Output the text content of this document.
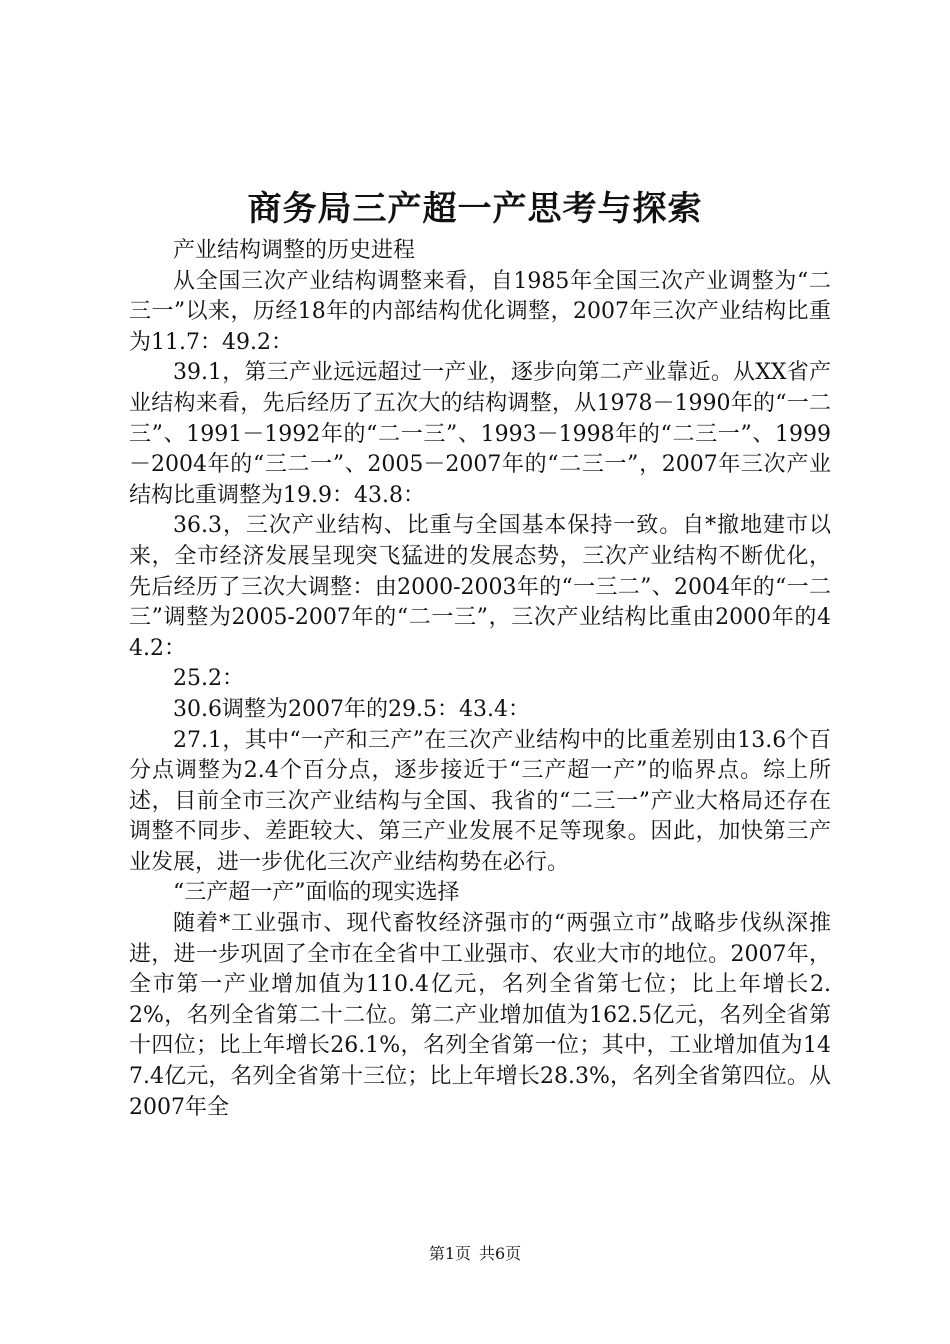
商务局三产超一产思考与探索

产业结构调整的历史进程

从全国三次产业结构调整来看，自1985年全国三次产业调整为“二三一”以来，历经18年的内部结构优化调整，2007年三次产业结构比重为11.7：49.2：

39.1，第三产业远远超过一产业，逐步向第二产业靠近。从XX省产业结构来看，先后经历了五次大的结构调整，从1978－1990年的“一二三”、1991－1992年的“二一三”、1993－1998年的“二三一”、1999－2004年的“三二一”、2005－2007年的“二三一”，2007年三次产业结构比重调整为19.9：43.8：

36.3，三次产业结构、比重与全国基本保持一致。自*撤地建市以来，全市经济发展呈现突飞猛进的发展态势，三次产业结构不断优化，先后经历了三次大调整：由2000-2003年的“一三二”、2004年的“一二三”调整为2005-2007年的“二一三”，三次产业结构比重由2000年的44.2：

25.2：

30.6调整为2007年的29.5：43.4：

27.1，其中“一产和三产”在三次产业结构中的比重差别由13.6个百分点调整为2.4个百分点，逐步接近于“三产超一产”的临界点。综上所述，目前全市三次产业结构与全国、我省的“二三一”产业大格局还存在调整不同步、差距较大、第三产业发展不足等现象。因此，加快第三产业发展，进一步优化三次产业结构势在必行。

“三产超一产”面临的现实选择

随着*工业强市、现代畜牧经济强市的“两强立市”战略步伐纵深推进，进一步巩固了全市在全省中工业强市、农业大市的地位。2007年，全市第一产业增加值为110.4亿元，名列全省第七位；比上年增长2.2%，名列全省第二十二位。第二产业增加值为162.5亿元，名列全省第十四位；比上年增长26.1%，名列全省第一位；其中，工业增加值为147.4亿元，名列全省第十三位；比上年增长28.3%，名列全省第四位。从2007年全

第1页 共6页
